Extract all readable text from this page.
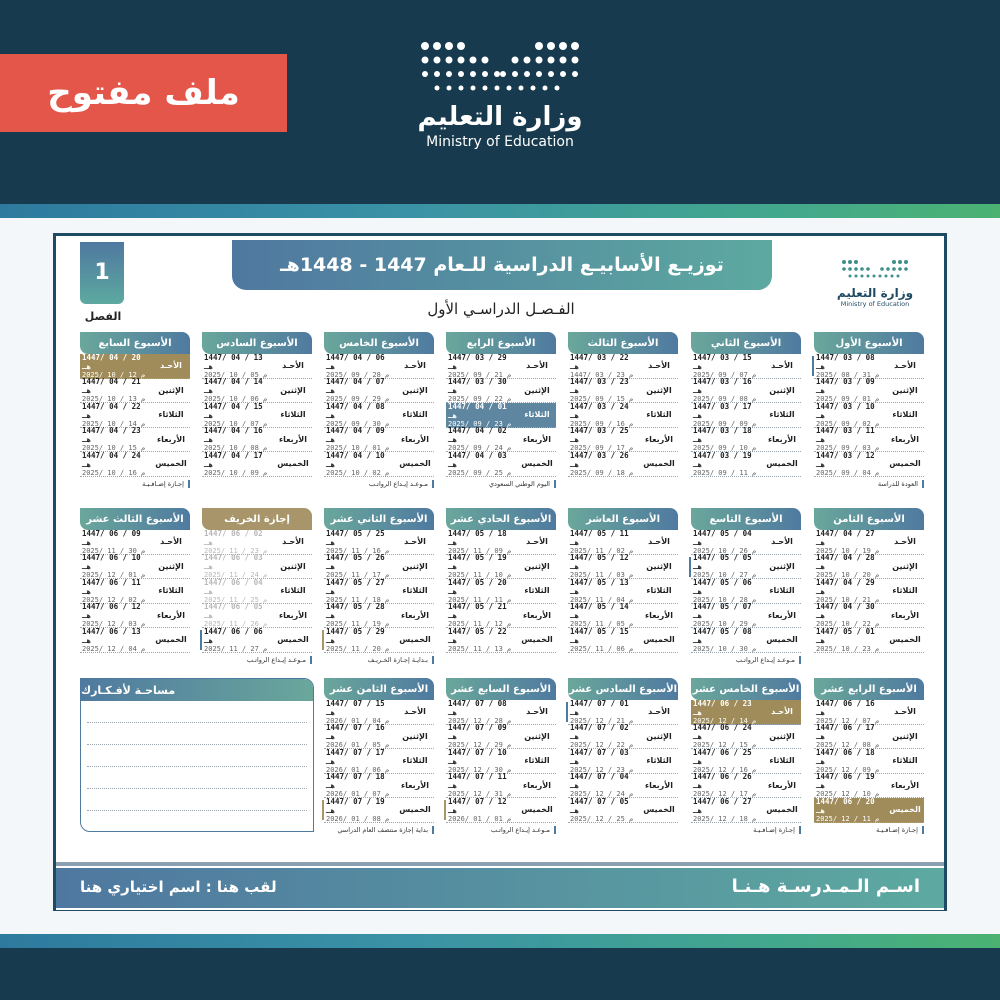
ملف مفتوح
وزارة التعليم
Ministry of Education
1
الفصل
توزيـع الأسابيـع الدراسية للـعام 1447 - 1448هـ
الفـصـل الدراسـي الأول
وزارة التعليم
Ministry of Education
الأسبوع الأول
الأحـد
1447/ 03 / 08 هـ
2025/ 08 / 31 م
الإثنين
1447/ 03 / 09 هـ
2025/ 09 / 01 م
الثلاثاء
1447/ 03 / 10 هـ
2025/ 09 / 02 م
الأربعاء
1447/ 03 / 11 هـ
2025/ 09 / 03 م
الخميس
1447/ 03 / 12 هـ
2025/ 09 / 04 م
العودة للدراسة
الأسبوع الثاني
الأحـد
1447/ 03 / 15 هـ
2025/ 09 / 07 م
الإثنين
1447/ 03 / 16 هـ
2025/ 09 / 08 م
الثلاثاء
1447/ 03 / 17 هـ
2025/ 09 / 09 م
الأربعاء
1447/ 03 / 18 هـ
2025/ 09 / 10 م
الخميس
1447/ 03 / 19 هـ
2025/ 09 / 11 م
الأسبوع الثالث
الأحـد
1447/ 03 / 22 هـ
1447/ 03 / 23 م
الإثنين
1447/ 03 / 23 هـ
2025/ 09 / 15 م
الثلاثاء
1447/ 03 / 24 هـ
2025/ 09 / 16 م
الأربعاء
1447/ 03 / 25 هـ
2025/ 09 / 17 م
الخميس
1447/ 03 / 26 هـ
2025/ 09 / 18 م
الأسبوع الرابع
الأحـد
1447/ 03 / 29 هـ
2025/ 09 / 21 م
الإثنين
1447/ 03 / 30 هـ
2025/ 09 / 22 م
الثلاثاء
1447/ 04 / 01 هـ
2025/ 09 / 23 م
الأربعاء
1447/ 04 / 02 هـ
2025/ 09 / 24 م
الخميس
1447/ 04 / 03 هـ
2025/ 09 / 25 م
اليوم الوطني السعودي
الأسبوع الخامس
الأحـد
1447/ 04 / 06 هـ
2025/ 09 / 28 م
الإثنين
1447/ 04 / 07 هـ
2025/ 09 / 29 م
الثلاثاء
1447/ 04 / 08 هـ
2025/ 09 / 30 م
الأربعاء
1447/ 04 / 09 هـ
2025/ 10 / 01 م
الخميس
1447/ 04 / 10 هـ
2025/ 10 / 02 م
مـوعـد إيـداع الرواتـب
الأسبوع السادس
الأحـد
1447/ 04 / 13 هـ
2025/ 10 / 05 م
الإثنين
1447/ 04 / 14 هـ
2025/ 10 / 06 م
الثلاثاء
1447/ 04 / 15 هـ
2025/ 10 / 07 م
الأربعاء
1447/ 04 / 16 هـ
2025/ 10 / 08 م
الخميس
1447/ 04 / 17 هـ
2025/ 10 / 09 م
الأسبوع السابع
الأحـد
1447/ 04 / 20 هـ
2025/ 10 / 12 م
الإثنين
1447/ 04 / 21 هـ
2025/ 10 / 13 م
الثلاثاء
1447/ 04 / 22 هـ
2025/ 10 / 14 م
الأربعاء
1447/ 04 / 23 هـ
2025/ 10 / 15 م
الخميس
1447/ 04 / 24 هـ
2025/ 10 / 16 م
إجـازة إضـافـيـة
الأسبوع الثامن
الأحـد
1447/ 04 / 27 هـ
2025/ 10 / 19 م
الإثنين
1447/ 04 / 28 هـ
2025/ 10 / 20 م
الثلاثاء
1447/ 04 / 29 هـ
2025/ 10 / 21 م
الأربعاء
1447/ 04 / 30 هـ
2025/ 10 / 22 م
الخميس
1447/ 05 / 01 هـ
2025/ 10 / 23 م
الأسبوع التاسع
الأحـد
1447/ 05 / 04 هـ
2025/ 10 / 26 م
الإثنين
1447/ 05 / 05 هـ
2025/ 10 / 27 م
الثلاثاء
1447/ 05 / 06 هـ
2025/ 10 / 28 م
الأربعاء
1447/ 05 / 07 هـ
2025/ 10 / 29 م
الخميس
1447/ 05 / 08 هـ
2025/ 10 / 30 م
مـوعـد إيـداع الرواتـب
الأسبوع العاشر
الأحـد
1447/ 05 / 11 هـ
2025/ 11 / 02 م
الإثنين
1447/ 05 / 12 هـ
2025/ 11 / 03 م
الثلاثاء
1447/ 05 / 13 هـ
2025/ 11 / 04 م
الأربعاء
1447/ 05 / 14 هـ
2025/ 11 / 05 م
الخميس
1447/ 05 / 15 هـ
2025/ 11 / 06 م
الأسبوع الحادي عشر
الأحـد
1447/ 05 / 18 هـ
2025/ 11 / 09 م
الإثنين
1447/ 05 / 19 هـ
2025/ 11 / 10 م
الثلاثاء
1447/ 05 / 20 هـ
2025/ 11 / 11 م
الأربعاء
1447/ 05 / 21 هـ
2025/ 11 / 12 م
الخميس
1447/ 05 / 22 هـ
2025/ 11 / 13 م
الأسبوع الثاني عشر
الأحـد
1447/ 05 / 25 هـ
2025/ 11 / 16 م
الإثنين
1447/ 05 / 26 هـ
2025/ 11 / 17 م
الثلاثاء
1447/ 05 / 27 هـ
2025/ 11 / 18 م
الأربعاء
1447/ 05 / 28 هـ
2025/ 11 / 19 م
الخميس
1447/ 05 / 29 هـ
2025/ 11 / 20 م
بـدايـة إجـازة الخـريـف
إجازة الخريف
الأحـد
1447/ 06 / 02 هـ
2025/ 11 / 23 م
الإثنين
1447/ 06 / 03 هـ
2025/ 11 / 24 م
الثلاثاء
1447/ 06 / 04 هـ
2025/ 11 / 25 م
الأربعاء
1447/ 06 / 05 هـ
2025/ 11 / 26 م
الخميس
1447/ 06 / 06 هـ
2025/ 11 / 27 م
مـوعـد إيـداع الرواتـب
الأسبوع الثالث عشر
الأحـد
1447/ 06 / 09 هـ
2025/ 11 / 30 م
الإثنين
1447/ 06 / 10 هـ
2025/ 12 / 01 م
الثلاثاء
1447/ 06 / 11 هـ
2025/ 12 / 02 م
الأربعاء
1447/ 06 / 12 هـ
2025/ 12 / 03 م
الخميس
1447/ 06 / 13 هـ
2025/ 12 / 04 م
الأسبوع الرابع عشر
الأحـد
1447/ 06 / 16 هـ
2025/ 12 / 07 م
الإثنين
1447/ 06 / 17 هـ
2025/ 12 / 08 م
الثلاثاء
1447/ 06 / 18 هـ
2025/ 12 / 09 م
الأربعاء
1447/ 06 / 19 هـ
2025/ 12 / 10 م
الخميس
1447/ 06 / 20 هـ
2025/ 12 / 11 م
إجـازة إضـافـيـة
الأسبوع الخامس عشر
الأحـد
1447/ 06 / 23 هـ
2025/ 12 / 14 م
الإثنين
1447/ 06 / 24 هـ
2025/ 12 / 15 م
الثلاثاء
1447/ 06 / 25 هـ
2025/ 12 / 16 م
الأربعاء
1447/ 06 / 26 هـ
2025/ 12 / 17 م
الخميس
1447/ 06 / 27 هـ
2025/ 12 / 18 م
إجـازة إضـافـيـة
الأسبوع السادس عشر
الأحـد
1447/ 07 / 01 هـ
2025/ 12 / 21 م
الإثنين
1447/ 07 / 02 هـ
2025/ 12 / 22 م
الثلاثاء
1447/ 07 / 03 هـ
2025/ 12 / 23 م
الأربعاء
1447/ 07 / 04 هـ
2025/ 12 / 24 م
الخميس
1447/ 07 / 05 هـ
2025/ 12 / 25 م
الأسبوع السابع عشر
الأحـد
1447/ 07 / 08 هـ
2025/ 12 / 28 م
الإثنين
1447/ 07 / 09 هـ
2025/ 12 / 29 م
الثلاثاء
1447/ 07 / 10 هـ
2025/ 12 / 30 م
الأربعاء
1447/ 07 / 11 هـ
2025/ 12 / 31 م
الخميس
1447/ 07 / 12 هـ
2026/ 01 / 01 م
مـوعـد إيـداع الرواتـب
الأسبوع الثامن عشر
الأحـد
1447/ 07 / 15 هـ
2026/ 01 / 04 م
الإثنين
1447/ 07 / 16 هـ
2026/ 01 / 05 م
الثلاثاء
1447/ 07 / 17 هـ
2026/ 01 / 06 م
الأربعاء
1447/ 07 / 18 هـ
2026/ 01 / 07 م
الخميس
1447/ 07 / 19 هـ
2026/ 01 / 08 م
بداية إجازة منتصف العام الدراسي
مساحـة لأفـكـارك
اسـم الـمـدرسـة هـنـا
لقب هنا : اسم اختياري هنا
